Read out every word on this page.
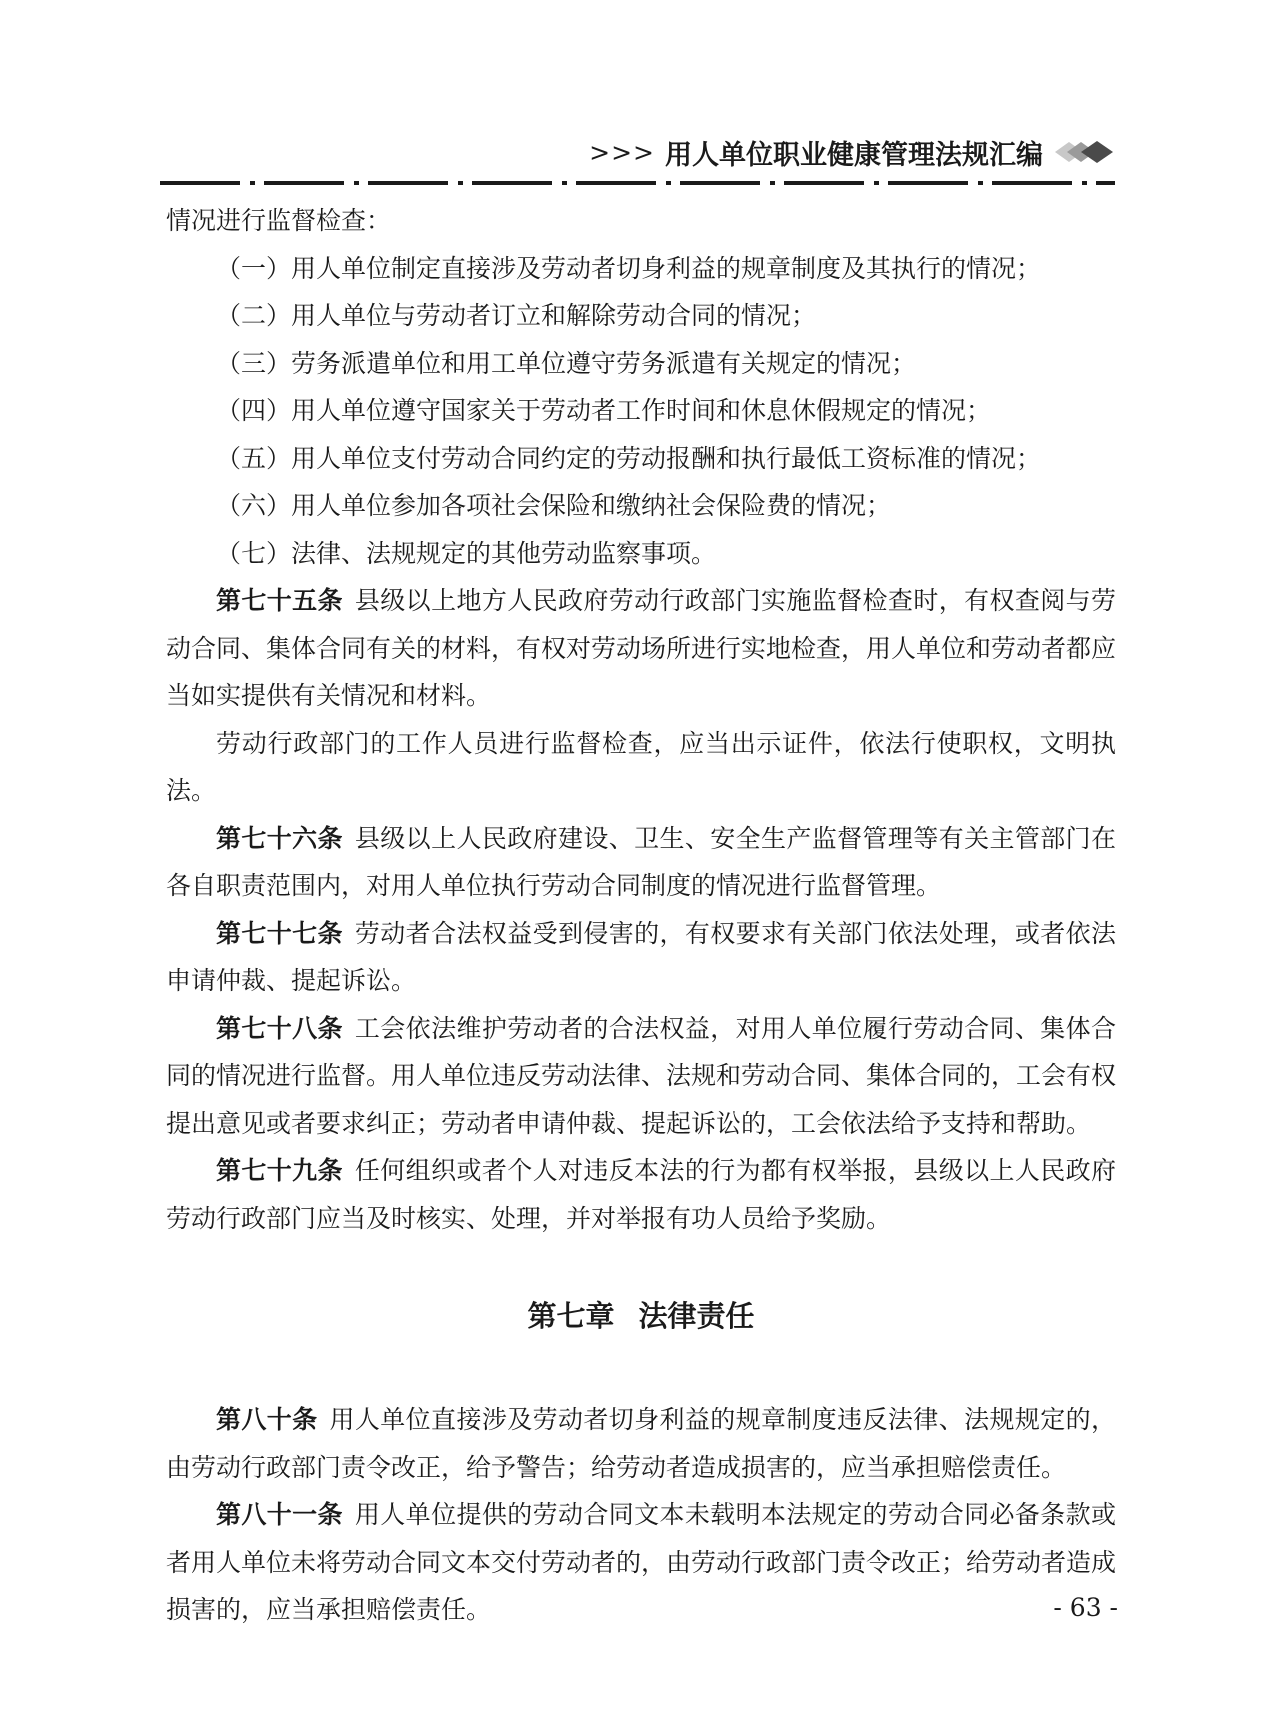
>>> 用人单位职业健康管理法规汇编

情况进行监督检查：

（一）用人单位制定直接涉及劳动者切身利益的规章制度及其执行的情况；

（二）用人单位与劳动者订立和解除劳动合同的情况；

（三）劳务派遣单位和用工单位遵守劳务派遣有关规定的情况；

（四）用人单位遵守国家关于劳动者工作时间和休息休假规定的情况；

（五）用人单位支付劳动合同约定的劳动报酬和执行最低工资标准的情况；

（六）用人单位参加各项社会保险和缴纳社会保险费的情况；

（七）法律、法规规定的其他劳动监察事项。

第七十五条 县级以上地方人民政府劳动行政部门实施监督检查时，有权查阅与劳动合同、集体合同有关的材料，有权对劳动场所进行实地检查，用人单位和劳动者都应当如实提供有关情况和材料。

劳动行政部门的工作人员进行监督检查，应当出示证件，依法行使职权，文明执法。

第七十六条 县级以上人民政府建设、卫生、安全生产监督管理等有关主管部门在各自职责范围内，对用人单位执行劳动合同制度的情况进行监督管理。

第七十七条 劳动者合法权益受到侵害的，有权要求有关部门依法处理，或者依法申请仲裁、提起诉讼。

第七十八条 工会依法维护劳动者的合法权益，对用人单位履行劳动合同、集体合同的情况进行监督。用人单位违反劳动法律、法规和劳动合同、集体合同的，工会有权提出意见或者要求纠正；劳动者申请仲裁、提起诉讼的，工会依法给予支持和帮助。

第七十九条 任何组织或者个人对违反本法的行为都有权举报，县级以上人民政府劳动行政部门应当及时核实、处理，并对举报有功人员给予奖励。

第七章 法律责任

第八十条 用人单位直接涉及劳动者切身利益的规章制度违反法律、法规规定的，由劳动行政部门责令改正，给予警告；给劳动者造成损害的，应当承担赔偿责任。

第八十一条 用人单位提供的劳动合同文本未载明本法规定的劳动合同必备条款或者用人单位未将劳动合同文本交付劳动者的，由劳动行政部门责令改正；给劳动者造成损害的，应当承担赔偿责任。	- 63 -
